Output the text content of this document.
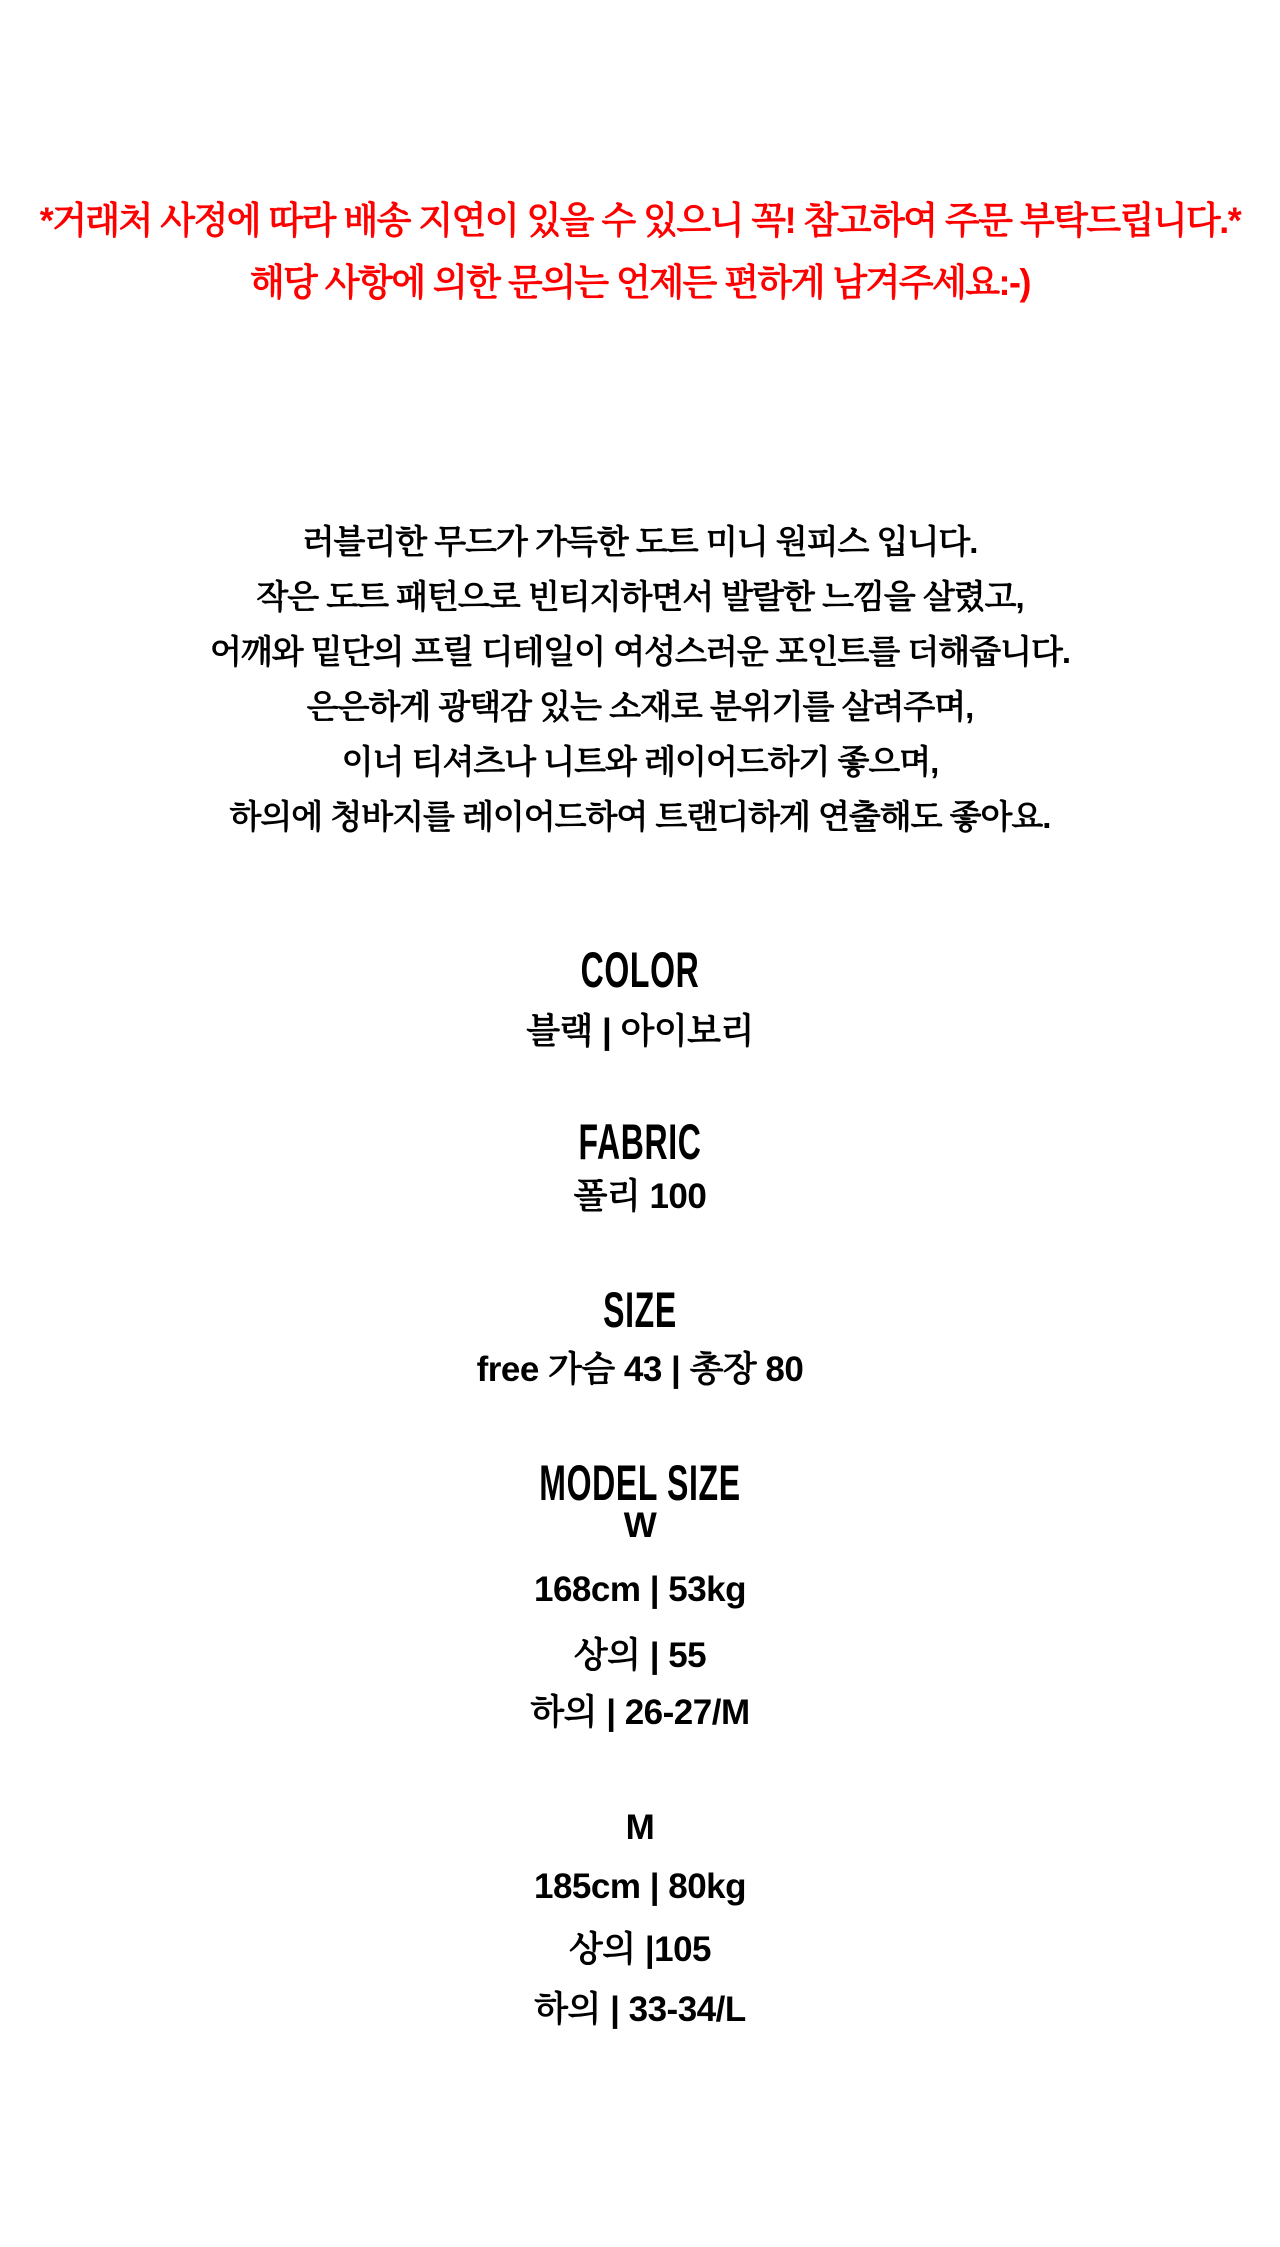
*거래처 사정에 따라 배송 지연이 있을 수 있으니 꼭! 참고하여 주문 부탁드립니다.*
해당 사항에 의한 문의는 언제든 편하게 남겨주세요:-)
러블리한 무드가 가득한 도트 미니 원피스 입니다.
작은 도트 패턴으로 빈티지하면서 발랄한 느낌을 살렸고,
어깨와 밑단의 프릴 디테일이 여성스러운 포인트를 더해줍니다.
은은하게 광택감 있는 소재로 분위기를 살려주며,
이너 티셔츠나 니트와 레이어드하기 좋으며,
하의에 청바지를 레이어드하여 트랜디하게 연출해도 좋아요.
COLOR
블랙 | 아이보리
FABRIC
폴리 100
SIZE
free 가슴 43 | 총장 80
MODEL SIZE
W
168cm | 53kg
상의 | 55
하의 | 26-27/M
M
185cm | 80kg
상의 |105
하의 | 33-34/L
